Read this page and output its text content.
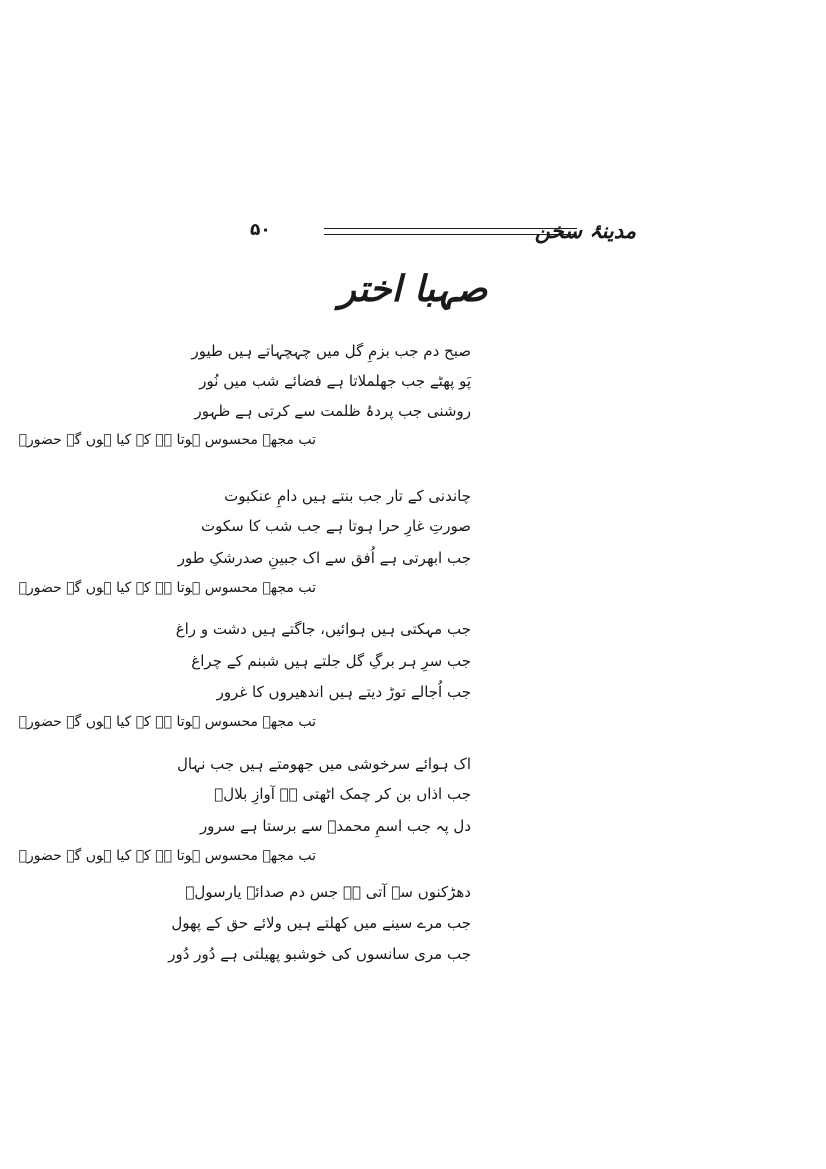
مدینۂ سخن
۵۰
صہبا اختر
صبح دم جب بزمِ گل میں چہچہاتے ہیں طیور
پَو پھٹے جب جھلملاتا ہے فضائے شب میں نُور
روشنی جب پردۂ ظلمت سے کرتی ہے ظہور
تب مجھے محسوس ہوتا ہے کہ کیا ہوں گے حضورؐ
چاندنی کے تار جب بنتے ہیں دامِ عنکبوت
صورتِ غارِ حرا ہوتا ہے جب شب کا سکوت
جب ابھرتی ہے اُفق سے اک جبینِ صدرشکِ طور
تب مجھے محسوس ہوتا ہے کہ کیا ہوں گے حضورؐ
جب مہکتی ہیں ہوائیں، جاگتے ہیں دشت و راغ
جب سرِ ہر برگِ گل جلتے ہیں شبنم کے چراغ
جب اُجالے توڑ دیتے ہیں اندھیروں کا غرور
تب مجھے محسوس ہوتا ہے کہ کیا ہوں گے حضورؐ
اک ہوائے سرخوشی میں جھومتے ہیں جب نہال
جب اذاں بن کر چمک اٹھتی ہے آوازِ بلالؓ
دل پہ جب اسمِ محمدؐ سے برستا ہے سرور
تب مجھے محسوس ہوتا ہے کہ کیا ہوں گے حضورؐ
دھڑکنوں سے آتی ہے جس دم صدائے یارسولؐ
جب مرے سینے میں کھلتے ہیں ولائے حق کے پھول
جب مری سانسوں کی خوشبو پھیلتی ہے دُور دُور
